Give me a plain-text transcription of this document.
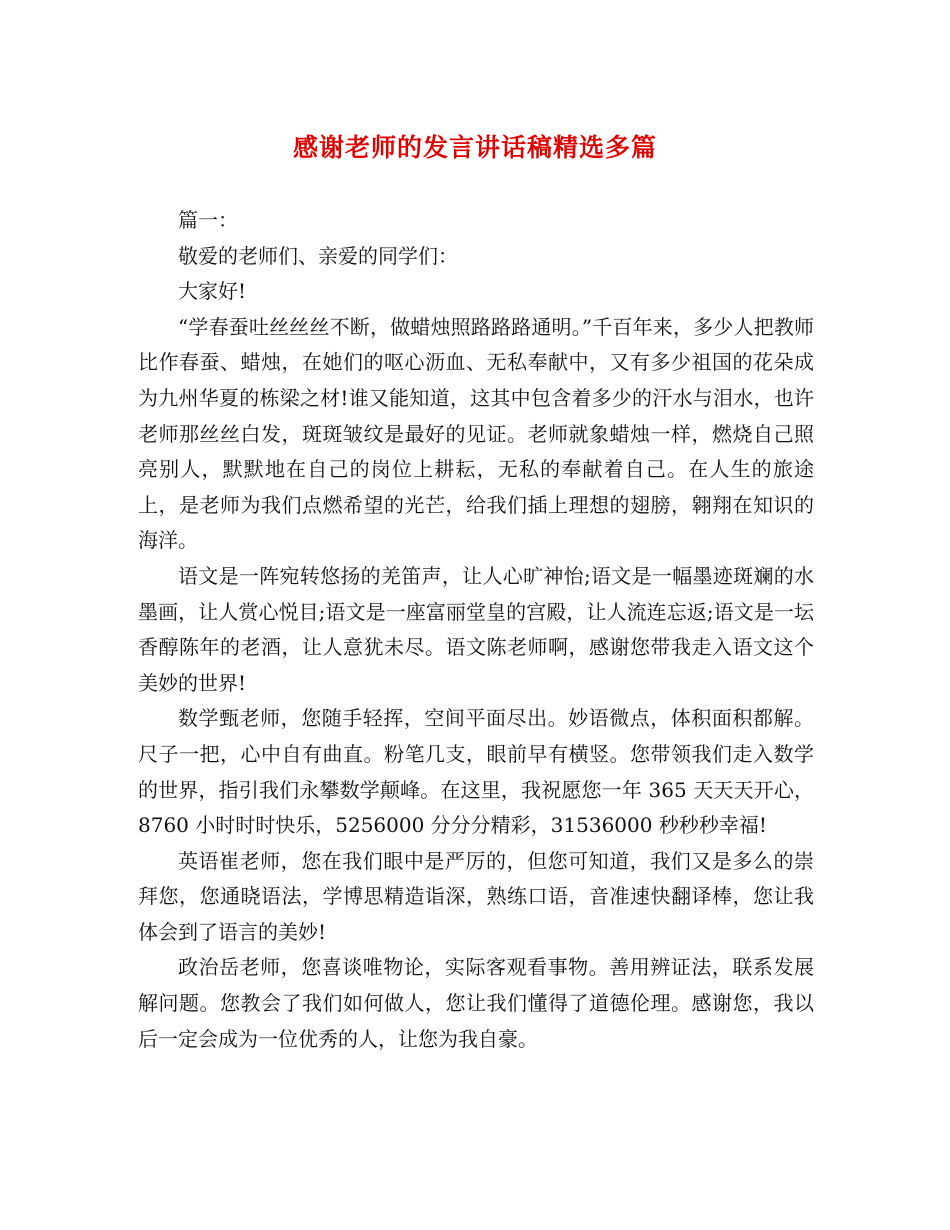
感谢老师的发言讲话稿精选多篇

篇一：

敬爱的老师们、亲爱的同学们：

大家好!

“学春蚕吐丝丝丝不断，做蜡烛照路路路通明。”千百年来，多少人把教师比作春蚕、蜡烛，在她们的呕心沥血、无私奉献中，又有多少祖国的花朵成为九州华夏的栋梁之材!谁又能知道，这其中包含着多少的汗水与泪水，也许老师那丝丝白发，斑斑皱纹是最好的见证。老师就象蜡烛一样，燃烧自己照亮别人，默默地在自己的岗位上耕耘，无私的奉献着自己。在人生的旅途上，是老师为我们点燃希望的光芒，给我们插上理想的翅膀，翱翔在知识的海洋。

语文是一阵宛转悠扬的羌笛声，让人心旷神怡;语文是一幅墨迹斑斓的水墨画，让人赏心悦目;语文是一座富丽堂皇的宫殿，让人流连忘返;语文是一坛香醇陈年的老酒，让人意犹未尽。语文陈老师啊，感谢您带我走入语文这个美妙的世界!

数学甄老师，您随手轻挥，空间平面尽出。妙语微点，体积面积都解。尺子一把，心中自有曲直。粉笔几支，眼前早有横竖。您带领我们走入数学的世界，指引我们永攀数学颠峰。在这里，我祝愿您一年 365 天天天开心，8760 小时时时快乐，5256000 分分分精彩，31536000 秒秒秒幸福!

英语崔老师，您在我们眼中是严厉的，但您可知道，我们又是多么的崇拜您，您通晓语法，学博思精造诣深，熟练口语，音准速快翻译棒，您让我体会到了语言的美妙!

政治岳老师，您喜谈唯物论，实际客观看事物。善用辨证法，联系发展解问题。您教会了我们如何做人，您让我们懂得了道德伦理。感谢您，我以后一定会成为一位优秀的人，让您为我自豪。
